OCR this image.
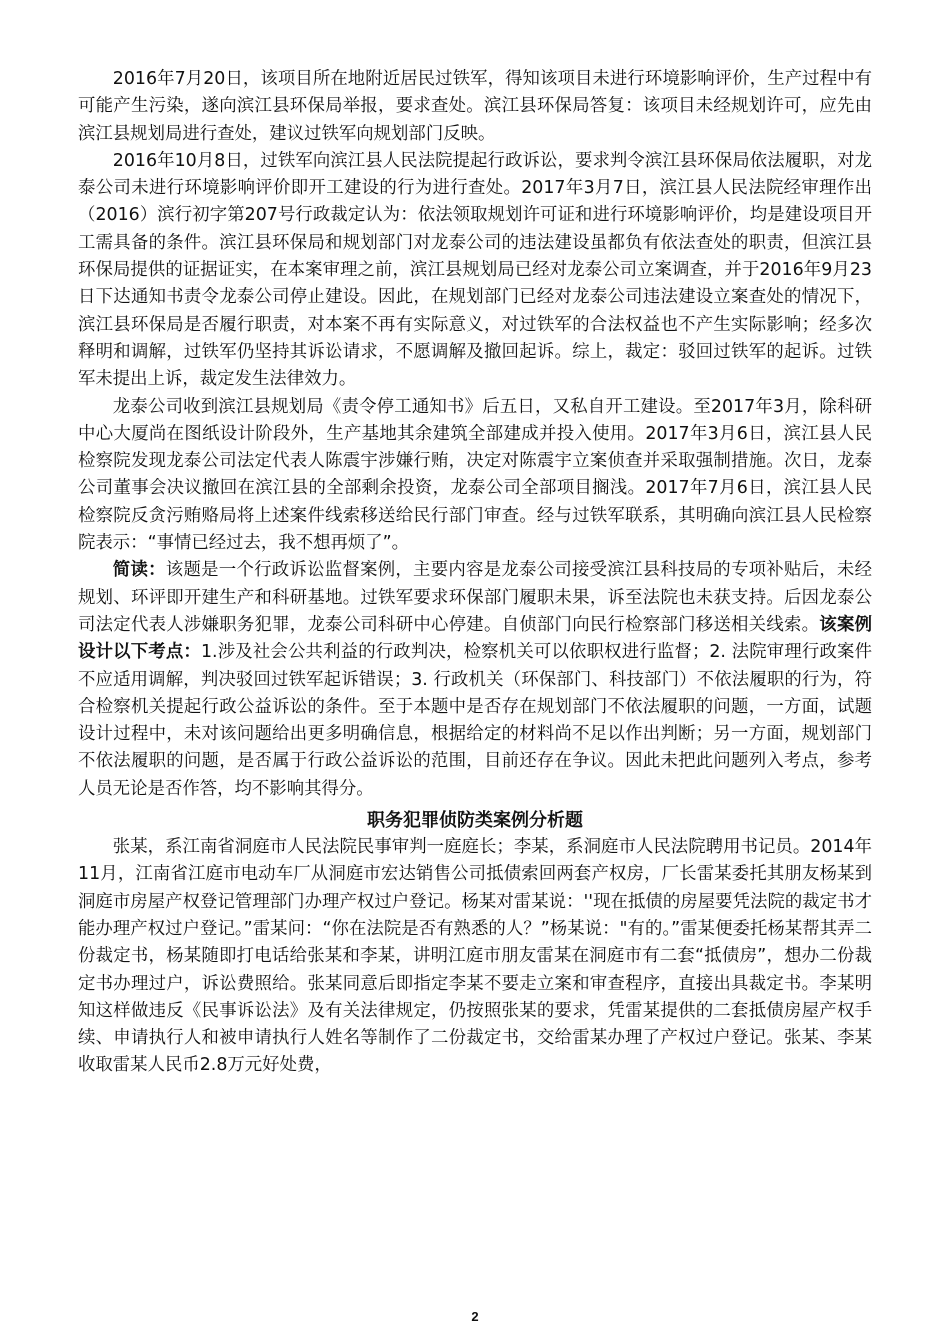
2016年7月20日，该项目所在地附近居民过铁军，得知该项目未进行环境影响评价，生产过程中有可能产生污染，遂向滨江县环保局举报，要求查处。滨江县环保局答复：该项目未经规划许可，应先由滨江县规划局进行查处，建议过铁军向规划部门反映。

2016年10月8日，过铁军向滨江县人民法院提起行政诉讼，要求判令滨江县环保局依法履职，对龙泰公司未进行环境影响评价即开工建设的行为进行查处。2017年3月7日，滨江县人民法院经审理作出（2016）滨行初字第207号行政裁定认为：依法领取规划许可证和进行环境影响评价，均是建设项目开工需具备的条件。滨江县环保局和规划部门对龙泰公司的违法建设虽都负有依法查处的职责，但滨江县环保局提供的证据证实，在本案审理之前，滨江县规划局已经对龙泰公司立案调查，并于2016年9月23日下达通知书责令龙泰公司停止建设。因此，在规划部门已经对龙泰公司违法建设立案查处的情况下，滨江县环保局是否履行职责，对本案不再有实际意义，对过铁军的合法权益也不产生实际影响；经多次释明和调解，过铁军仍坚持其诉讼请求，不愿调解及撤回起诉。综上，裁定：驳回过铁军的起诉。过铁军未提出上诉，裁定发生法律效力。

龙泰公司收到滨江县规划局《责令停工通知书》后五日，又私自开工建设。至2017年3月，除科研中心大厦尚在图纸设计阶段外，生产基地其余建筑全部建成并投入使用。2017年3月6日，滨江县人民检察院发现龙泰公司法定代表人陈震宇涉嫌行贿，决定对陈震宇立案侦查并采取强制措施。次日，龙泰公司董事会决议撤回在滨江县的全部剩余投资，龙泰公司全部项目搁浅。2017年7月6日，滨江县人民检察院反贪污贿赂局将上述案件线索移送给民行部门审查。经与过铁军联系，其明确向滨江县人民检察院表示：“事情已经过去，我不想再烦了”。

简读：该题是一个行政诉讼监督案例，主要内容是龙泰公司接受滨江县科技局的专项补贴后，未经规划、环评即开建生产和科研基地。过铁军要求环保部门履职未果，诉至法院也未获支持。后因龙泰公司法定代表人涉嫌职务犯罪，龙泰公司科研中心停建。自侦部门向民行检察部门移送相关线索。该案例设计以下考点：1.涉及社会公共利益的行政判决，检察机关可以依职权进行监督；2. 法院审理行政案件不应适用调解，判决驳回过铁军起诉错误；3. 行政机关（环保部门、科技部门）不依法履职的行为，符合检察机关提起行政公益诉讼的条件。至于本题中是否存在规划部门不依法履职的问题，一方面，试题设计过程中，未对该问题给出更多明确信息，根据给定的材料尚不足以作出判断；另一方面，规划部门不依法履职的问题，是否属于行政公益诉讼的范围，目前还存在争议。因此未把此问题列入考点，参考人员无论是否作答，均不影响其得分。

职务犯罪侦防类案例分析题

张某，系江南省洞庭市人民法院民事审判一庭庭长；李某，系洞庭市人民法院聘用书记员。2014年11月，江南省江庭市电动车厂从洞庭市宏达销售公司抵债索回两套产权房，厂长雷某委托其朋友杨某到洞庭市房屋产权登记管理部门办理产权过户登记。杨某对雷某说：''现在抵债的房屋要凭法院的裁定书才能办理产权过户登记。”雷某问：“你在法院是否有熟悉的人？”杨某说："有的。”雷某便委托杨某帮其弄二份裁定书，杨某随即打电话给张某和李某，讲明江庭市朋友雷某在洞庭市有二套“抵债房”，想办二份裁定书办理过户，诉讼费照给。张某同意后即指定李某不要走立案和审查程序，直接出具裁定书。李某明知这样做违反《民事诉讼法》及有关法律规定，仍按照张某的要求，凭雷某提供的二套抵债房屋产权手续、申请执行人和被申请执行人姓名等制作了二份裁定书，交给雷某办理了产权过户登记。张某、李某收取雷某人民币2.8万元好处费，

2
